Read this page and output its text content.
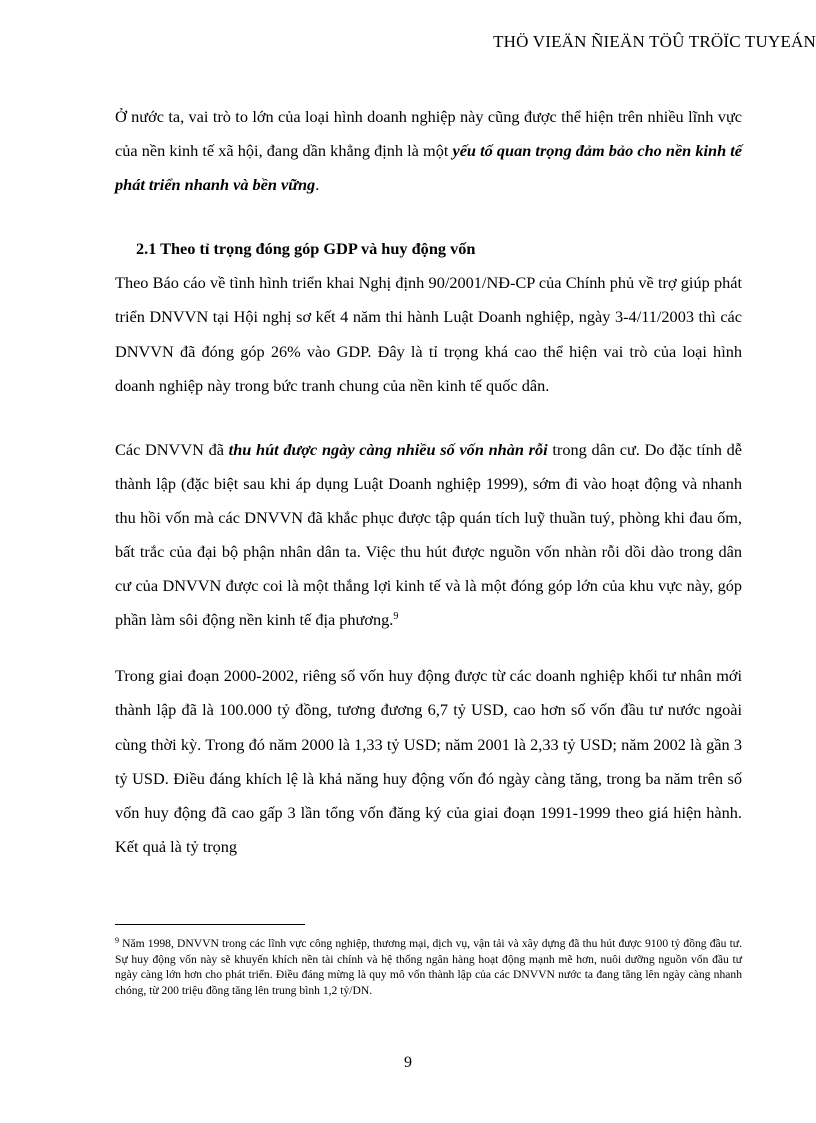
THÖ VIEÄN ÑIEÄN TÖÛ TRÖÏC TUYEÁN

Ở nước ta, vai trò to lớn của loại hình doanh nghiệp này cũng được thể hiện trên nhiều lĩnh vực của nền kinh tế xã hội, đang dần khẳng định là một yếu tố quan trọng đảm bảo cho nền kinh tế phát triển nhanh và bền vững.

2.1 Theo tỉ trọng đóng góp GDP và huy động vốn

Theo Báo cáo về tình hình triển khai Nghị định 90/2001/NĐ-CP của Chính phủ về trợ giúp phát triển DNVVN tại Hội nghị sơ kết 4 năm thi hành Luật Doanh nghiệp, ngày 3-4/11/2003 thì các DNVVN đã đóng góp 26% vào GDP. Đây là tỉ trọng khá cao thể hiện vai trò của loại hình doanh nghiệp này trong bức tranh chung của nền kinh tế quốc dân.

Các DNVVN đã thu hút được ngày càng nhiều số vốn nhàn rỗi trong dân cư. Do đặc tính dễ thành lập (đặc biệt sau khi áp dụng Luật Doanh nghiệp 1999), sớm đi vào hoạt động và nhanh thu hồi vốn mà các DNVVN đã khắc phục được tập quán tích luỹ thuần tuý, phòng khi đau ốm, bất trắc của đại bộ phận nhân dân ta. Việc thu hút được nguồn vốn nhàn rỗi dồi dào trong dân cư của DNVVN được coi là một thắng lợi kinh tế và là một đóng góp lớn của khu vực này, góp phần làm sôi động nền kinh tế địa phương.$^9$

Trong giai đoạn 2000-2002, riêng số vốn huy động được từ các doanh nghiệp khối tư nhân mới thành lập đã là 100.000 tỷ đồng, tương đương 6,7 tỷ USD, cao hơn số vốn đầu tư nước ngoài cùng thời kỳ. Trong đó năm 2000 là 1,33 tỷ USD; năm 2001 là 2,33 tỷ USD; năm 2002 là gần 3 tỷ USD. Điều đáng khích lệ là khả năng huy động vốn đó ngày càng tăng, trong ba năm trên số vốn huy động đã cao gấp 3 lần tổng vốn đăng ký của giai đoạn 1991-1999 theo giá hiện hành. Kết quả là tỷ trọng

$^9$ Năm 1998, DNVVN trong các lĩnh vực công nghiệp, thương mại, dịch vụ, vận tải và xây dựng đã thu hút được 9100 tỷ đồng đầu tư. Sự huy động vốn này sẽ khuyến khích nền tài chính và hệ thống ngân hàng hoạt động mạnh mẽ hơn, nuôi dưỡng nguồn vốn đầu tư ngày càng lớn hơn cho phát triển. Điều đáng mừng là quy mô vốn thành lập của các DNVVN nước ta đang tăng lên ngày càng nhanh chóng, từ 200 triệu đồng tăng lên trung bình 1,2 tỷ/DN.
9
